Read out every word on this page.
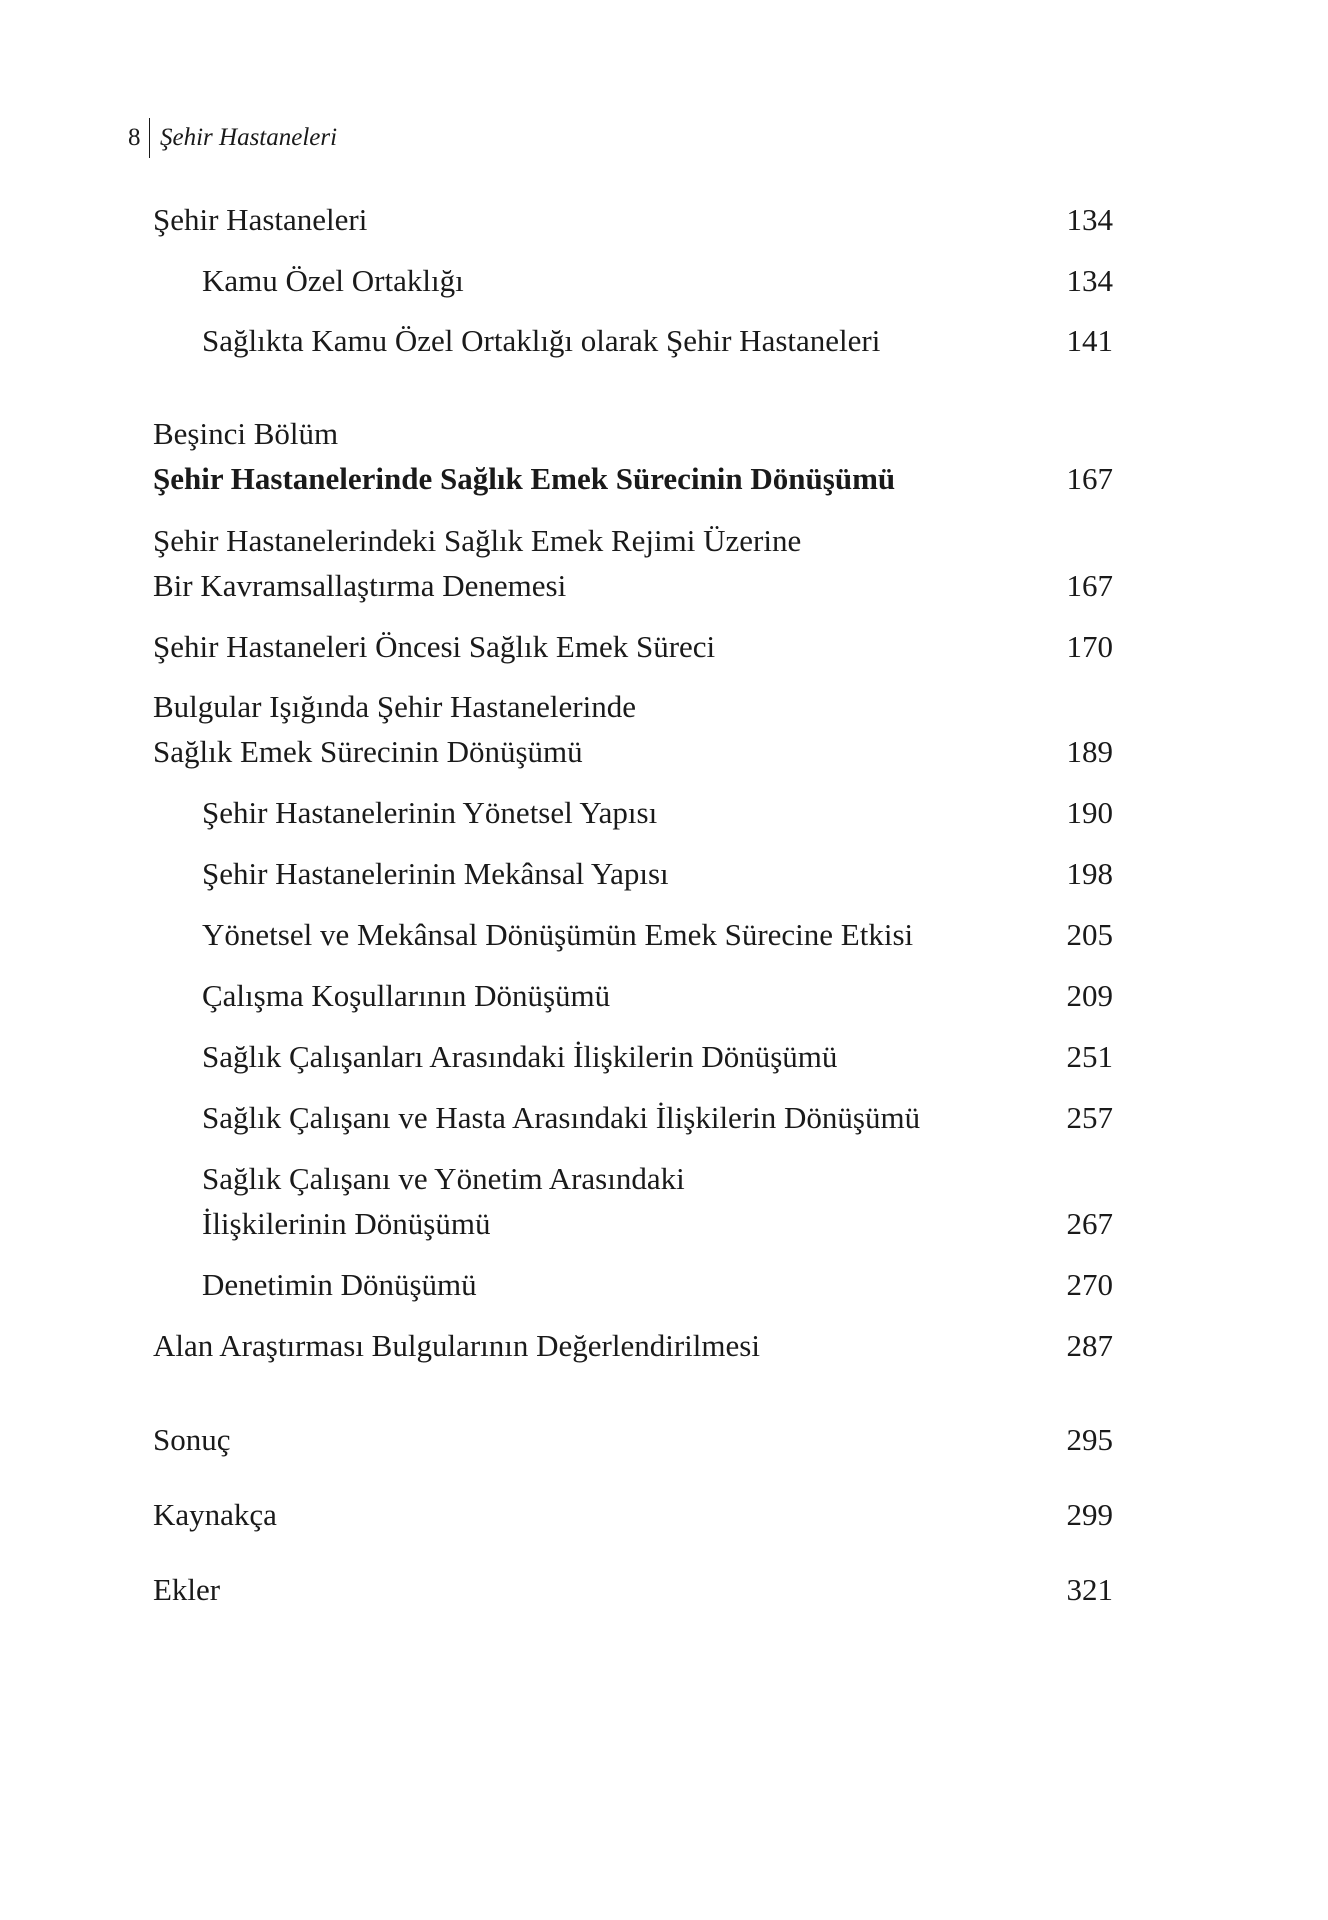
8 Şehir Hastaneleri
Şehir Hastaneleri	134
Kamu Özel Ortaklığı	134
Sağlıkta Kamu Özel Ortaklığı olarak Şehir Hastaneleri	141
Beşinci Bölüm
Şehir Hastanelerinde Sağlık Emek Sürecinin Dönüşümü	167
Şehir Hastanelerindeki Sağlık Emek Rejimi Üzerine
Bir Kavramsallaştırma Denemesi	167
Şehir Hastaneleri Öncesi Sağlık Emek Süreci	170
Bulgular Işığında Şehir Hastanelerinde
Sağlık Emek Sürecinin Dönüşümü	189
Şehir Hastanelerinin Yönetsel Yapısı	190
Şehir Hastanelerinin Mekânsal Yapısı	198
Yönetsel ve Mekânsal Dönüşümün Emek Sürecine Etkisi	205
Çalışma Koşullarının Dönüşümü	209
Sağlık Çalışanları Arasındaki İlişkilerin Dönüşümü	251
Sağlık Çalışanı ve Hasta Arasındaki İlişkilerin Dönüşümü	257
Sağlık Çalışanı ve Yönetim Arasındaki
İlişkilerinin Dönüşümü	267
Denetimin Dönüşümü	270
Alan Araştırması Bulgularının Değerlendirilmesi	287
Sonuç	295
Kaynakça	299
Ekler	321
